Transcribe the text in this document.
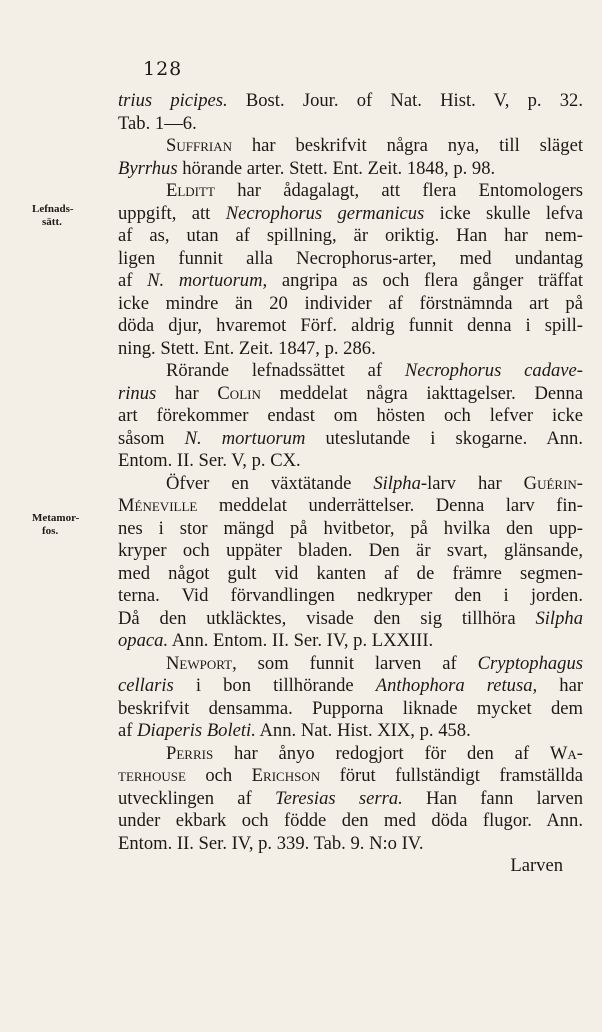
128
Lefnads-
sätt.
Metamor-
fos.
trius picipes. Bost. Jour. of Nat. Hist. V, p. 32.
Tab. 1—6.
Suffrian har beskrifvit några nya, till släget
Byrrhus hörande arter. Stett. Ent. Zeit. 1848, p. 98.
Elditt har ådagalagt, att flera Entomologers
uppgift, att Necrophorus germanicus icke skulle lefva
af as, utan af spillning, är oriktig. Han har nem-
ligen funnit alla Necrophorus-arter, med undantag
af N. mortuorum, angripa as och flera gånger träffat
icke mindre än 20 individer af förstnämnda art på
döda djur, hvaremot Förf. aldrig funnit denna i spill-
ning. Stett. Ent. Zeit. 1847, p. 286.
Rörande lefnadssättet af Necrophorus cadave-
rinus har Colin meddelat några iakttagelser. Denna
art förekommer endast om hösten och lefver icke
såsom N. mortuorum uteslutande i skogarne. Ann.
Entom. II. Ser. V, p. CX.
Öfver en växtätande Silpha-larv har Guérin-
Méneville meddelat underrättelser. Denna larv fin-
nes i stor mängd på hvitbetor, på hvilka den upp-
kryper och uppäter bladen. Den är svart, glänsande,
med något gult vid kanten af de främre segmen-
terna. Vid förvandlingen nedkryper den i jorden.
Då den utkläcktes, visade den sig tillhöra Silpha
opaca. Ann. Entom. II. Ser. IV, p. LXXIII.
Newport, som funnit larven af Cryptophagus
cellaris i bon tillhörande Anthophora retusa, har
beskrifvit densamma. Pupporna liknade mycket dem
af Diaperis Boleti. Ann. Nat. Hist. XIX, p. 458.
Perris har ånyo redogjort för den af Wa-
terhouse och Erichson förut fullständigt framställda
utvecklingen af Teresias serra. Han fann larven
under ekbark och födde den med döda flugor. Ann.
Entom. II. Ser. IV, p. 339. Tab. 9. N:o IV.
Larven
